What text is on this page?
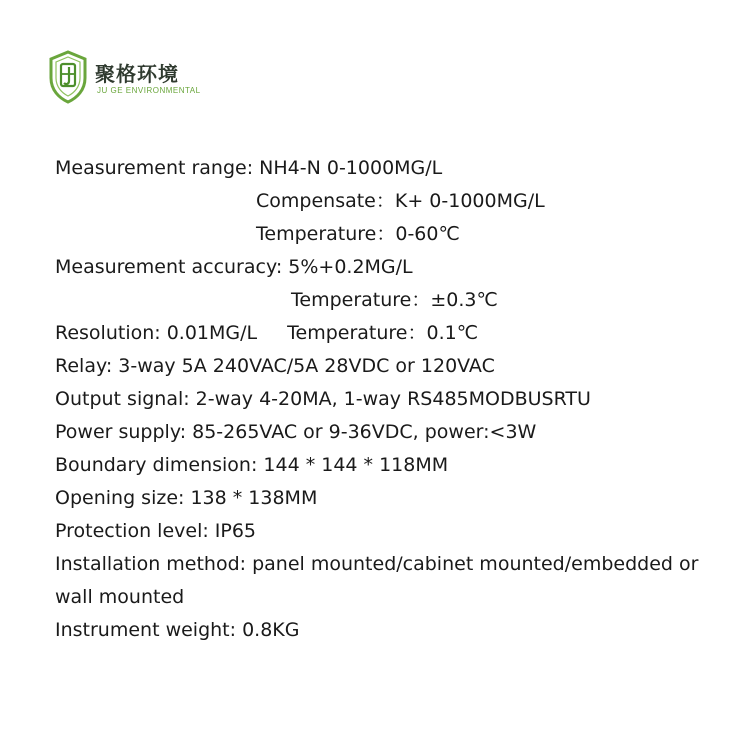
聚格环境
JU GE ENVIRONMENTAL
Measurement range: NH4-N 0-1000MG/L
Compensate：K+ 0-1000MG/L
Temperature：0-60℃
Measurement accuracy: 5%+0.2MG/L
Temperature：±0.3℃
Resolution: 0.01MG/L Temperature：0.1℃
Relay: 3-way 5A 240VAC/5A 28VDC or 120VAC
Output signal: 2-way 4-20MA, 1-way RS485MODBUSRTU
Power supply: 85-265VAC or 9-36VDC, power:<3W
Boundary dimension: 144 * 144 * 118MM
Opening size: 138 * 138MM
Protection level: IP65
Installation method: panel mounted/cabinet mounted/embedded or wall mounted
Instrument weight: 0.8KG
